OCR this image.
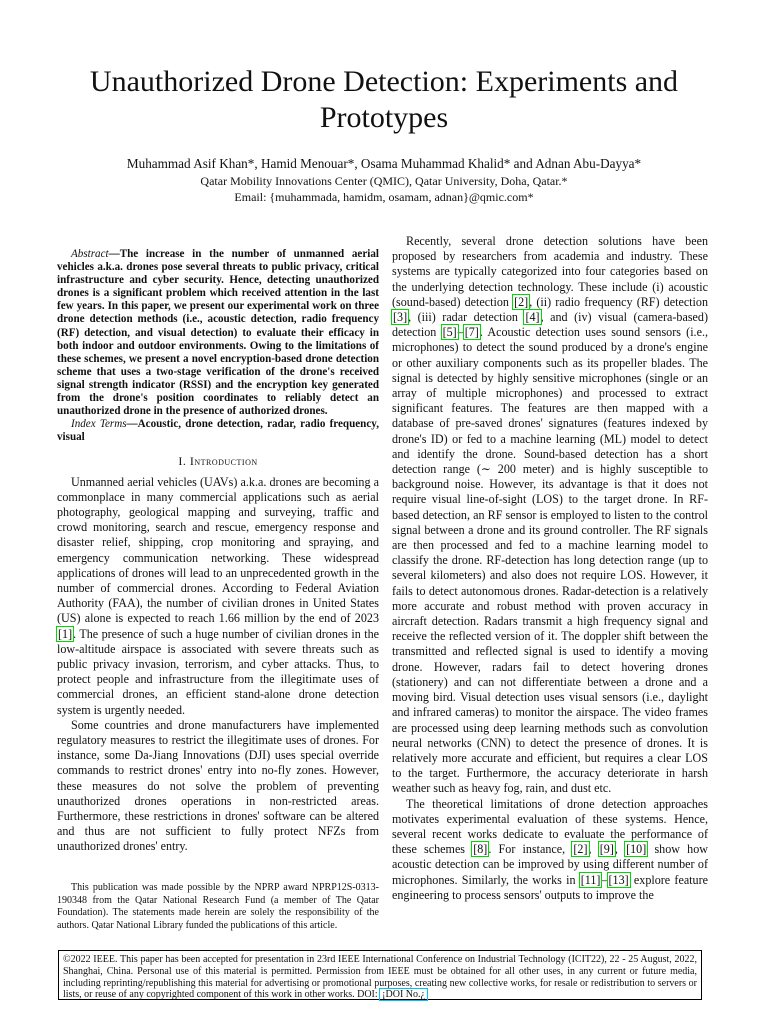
Unauthorized Drone Detection: Experiments and Prototypes
Muhammad Asif Khan*, Hamid Menouar*, Osama Muhammad Khalid* and Adnan Abu-Dayya*
Qatar Mobility Innovations Center (QMIC), Qatar University, Doha, Qatar.*
Email: {muhammada, hamidm, osamam, adnan}@qmic.com*

Abstract—The increase in the number of unmanned aerial vehicles a.k.a. drones pose several threats to public privacy, critical infrastructure and cyber security. Hence, detecting unauthorized drones is a significant problem which received attention in the last few years. In this paper, we present our experimental work on three drone detection methods (i.e., acoustic detection, radio frequency (RF) detection, and visual detection) to evaluate their efficacy in both indoor and outdoor environments. Owing to the limitations of these schemes, we present a novel encryption-based drone detection scheme that uses a two-stage verification of the drone's received signal strength indicator (RSSI) and the encryption key generated from the drone's position coordinates to reliably detect an unauthorized drone in the presence of authorized drones.

Index Terms—Acoustic, drone detection, radar, radio frequency, visual

I. Introduction

Unmanned aerial vehicles (UAVs) a.k.a. drones are becoming a commonplace in many commercial applications such as aerial photography, geological mapping and surveying, traffic and crowd monitoring, search and rescue, emergency response and disaster relief, shipping, crop monitoring and spraying, and emergency communication networking. These widespread applications of drones will lead to an unprecedented growth in the number of commercial drones. According to Federal Aviation Authority (FAA), the number of civilian drones in United States (US) alone is expected to reach 1.66 million by the end of 2023 [1]. The presence of such a huge number of civilian drones in the low-altitude airspace is associated with severe threats such as public privacy invasion, terrorism, and cyber attacks. Thus, to protect people and infrastructure from the illegitimate uses of commercial drones, an efficient stand-alone drone detection system is urgently needed.

Some countries and drone manufacturers have implemented regulatory measures to restrict the illegitimate uses of drones. For instance, some Da-Jiang Innovations (DJI) uses special override commands to restrict drones' entry into no-fly zones. However, these measures do not solve the problem of preventing unauthorized drones operations in non-restricted areas. Furthermore, these restrictions in drones' software can be altered and thus are not sufficient to fully protect NFZs from unauthorized drones' entry.

This publication was made possible by the NPRP award NPRP12S-0313-190348 from the Qatar National Research Fund (a member of The Qatar Foundation). The statements made herein are solely the responsibility of the authors. Qatar National Library funded the publications of this article.

Recently, several drone detection solutions have been proposed by researchers from academia and industry. These systems are typically categorized into four categories based on the underlying detection technology. These include (i) acoustic (sound-based) detection [2], (ii) radio frequency (RF) detection [3], (iii) radar detection [4], and (iv) visual (camera-based) detection [5]–[7]. Acoustic detection uses sound sensors (i.e., microphones) to detect the sound produced by a drone's engine or other auxiliary components such as its propeller blades. The signal is detected by highly sensitive microphones (single or an array of multiple microphones) and processed to extract significant features. The features are then mapped with a database of pre-saved drones' signatures (features indexed by drone's ID) or fed to a machine learning (ML) model to detect and identify the drone. Sound-based detection has a short detection range (∼ 200 meter) and is highly susceptible to background noise. However, its advantage is that it does not require visual line-of-sight (LOS) to the target drone. In RF-based detection, an RF sensor is employed to listen to the control signal between a drone and its ground controller. The RF signals are then processed and fed to a machine learning model to classify the drone. RF-detection has long detection range (up to several kilometers) and also does not require LOS. However, it fails to detect autonomous drones. Radar-detection is a relatively more accurate and robust method with proven accuracy in aircraft detection. Radars transmit a high frequency signal and receive the reflected version of it. The doppler shift between the transmitted and reflected signal is used to identify a moving drone. However, radars fail to detect hovering drones (stationery) and can not differentiate between a drone and a moving bird. Visual detection uses visual sensors (i.e., daylight and infrared cameras) to monitor the airspace. The video frames are processed using deep learning methods such as convolution neural networks (CNN) to detect the presence of drones. It is relatively more accurate and efficient, but requires a clear LOS to the target. Furthermore, the accuracy deteriorate in harsh weather such as heavy fog, rain, and dust etc.

The theoretical limitations of drone detection approaches motivates experimental evaluation of these systems. Hence, several recent works dedicate to evaluate the performance of these schemes [8]. For instance, [2], [9], [10] show how acoustic detection can be improved by using different number of microphones. Similarly, the works in [11]–[13] explore feature engineering to process sensors' outputs to improve the

©2022 IEEE. This paper has been accepted for presentation in 23rd IEEE International Conference on Industrial Technology (ICIT22), 22 - 25 August, 2022, Shanghai, China. Personal use of this material is permitted. Permission from IEEE must be obtained for all other uses, in any current or future media, including reprinting/republishing this material for advertising or promotional purposes, creating new collective works, for resale or redistribution to servers or lists, or reuse of any copyrighted component of this work in other works. DOI: ¡DOI No.¿
